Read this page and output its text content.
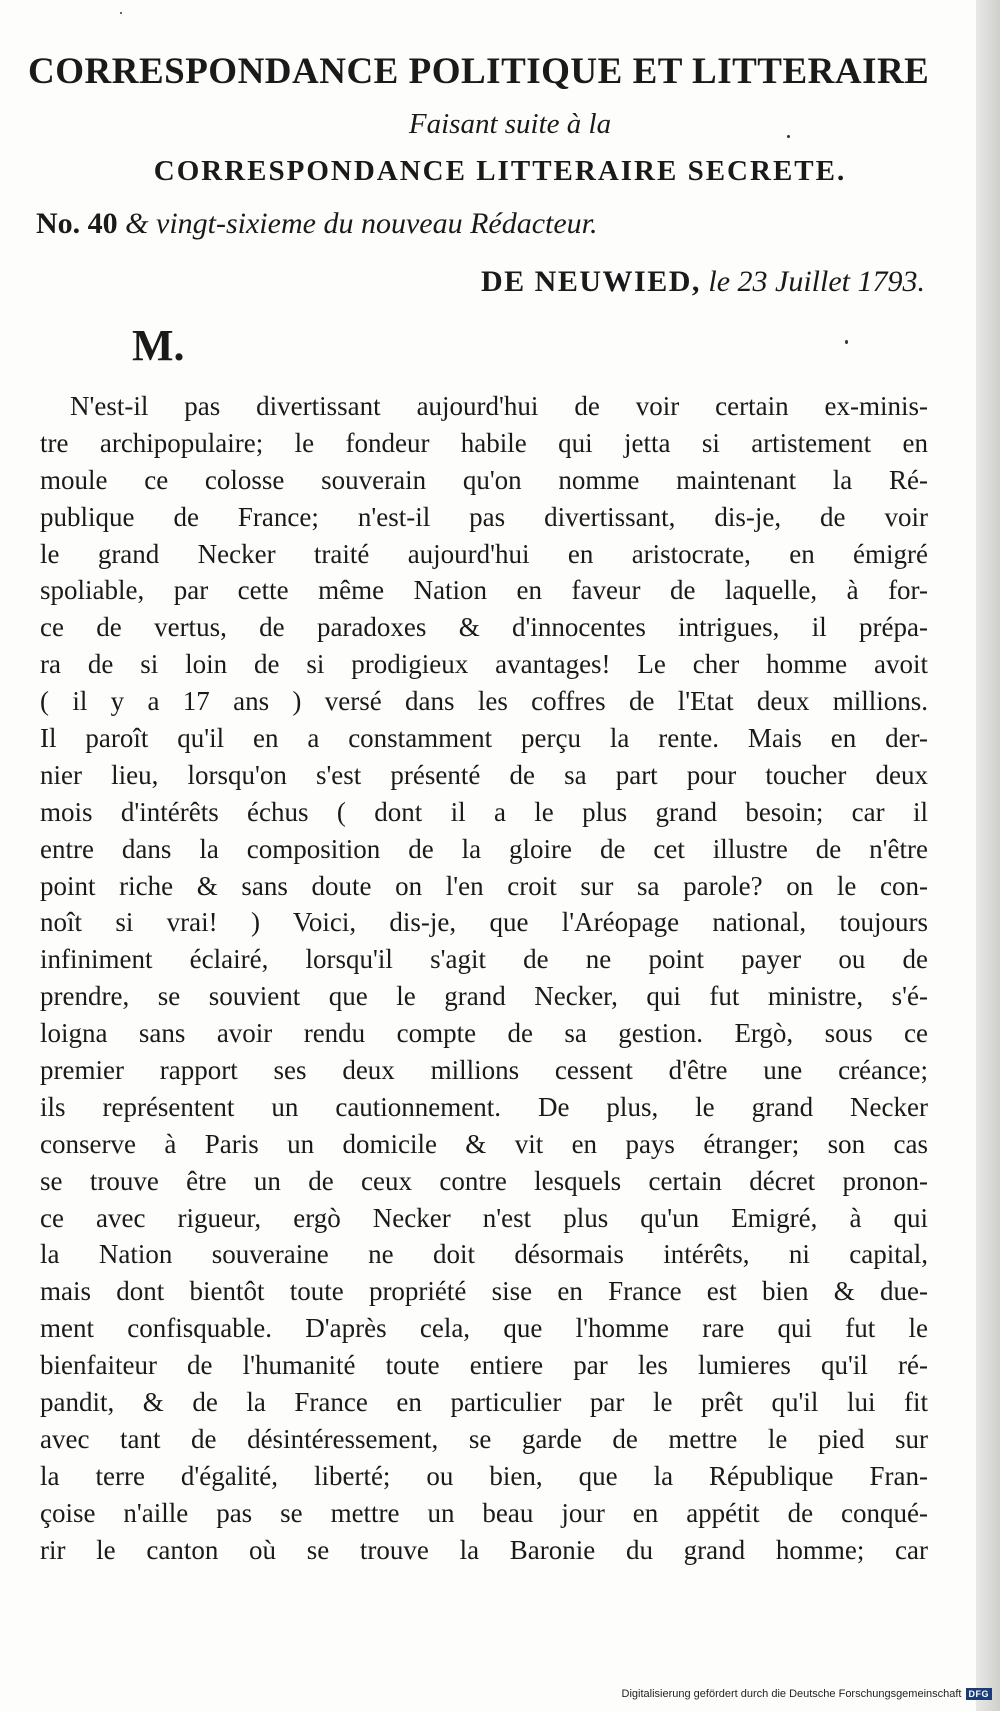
CORRESPONDANCE POLITIQUE ET LITTERAIRE
Faisant suite à la
CORRESPONDANCE LITTERAIRE SECRETE.
No. 40 & vingt-sixieme du nouveau Rédacteur.
DE NEUWIED, le 23 Juillet 1793.
M.
N'est-il pas divertissant aujourd'hui de voir certain ex-minis-
tre archipopulaire; le fondeur habile qui jetta si artistement en
moule ce colosse souverain qu'on nomme maintenant la Ré-
publique de France; n'est-il pas divertissant, dis-je, de voir
le grand Necker traité aujourd'hui en aristocrate, en émigré
spoliable, par cette même Nation en faveur de laquelle, à for-
ce de vertus, de paradoxes & d'innocentes intrigues, il prépa-
ra de si loin de si prodigieux avantages! Le cher homme avoit
( il y a 17 ans ) versé dans les coffres de l'Etat deux millions.
Il paroît qu'il en a constamment perçu la rente. Mais en der-
nier lieu, lorsqu'on s'est présenté de sa part pour toucher deux
mois d'intérêts échus ( dont il a le plus grand besoin; car il
entre dans la composition de la gloire de cet illustre de n'être
point riche & sans doute on l'en croit sur sa parole? on le con-
noît si vrai! ) Voici, dis-je, que l'Aréopage national, toujours
infiniment éclairé, lorsqu'il s'agit de ne point payer ou de
prendre, se souvient que le grand Necker, qui fut ministre, s'é-
loigna sans avoir rendu compte de sa gestion. Ergò, sous ce
premier rapport ses deux millions cessent d'être une créance;
ils représentent un cautionnement. De plus, le grand Necker
conserve à Paris un domicile & vit en pays étranger; son cas
se trouve être un de ceux contre lesquels certain décret pronon-
ce avec rigueur, ergò Necker n'est plus qu'un Emigré, à qui
la Nation souveraine ne doit désormais intérêts, ni capital,
mais dont bientôt toute propriété sise en France est bien & due-
ment confisquable. D'après cela, que l'homme rare qui fut le
bienfaiteur de l'humanité toute entiere par les lumieres qu'il ré-
pandit, & de la France en particulier par le prêt qu'il lui fit
avec tant de désintéressement, se garde de mettre le pied sur
la terre d'égalité, liberté; ou bien, que la République Fran-
çoise n'aille pas se mettre un beau jour en appétit de conqué-
rir le canton où se trouve la Baronie du grand homme; car
Digitalisierung gefördert durch die Deutsche Forschungsgemeinschaft DFG
